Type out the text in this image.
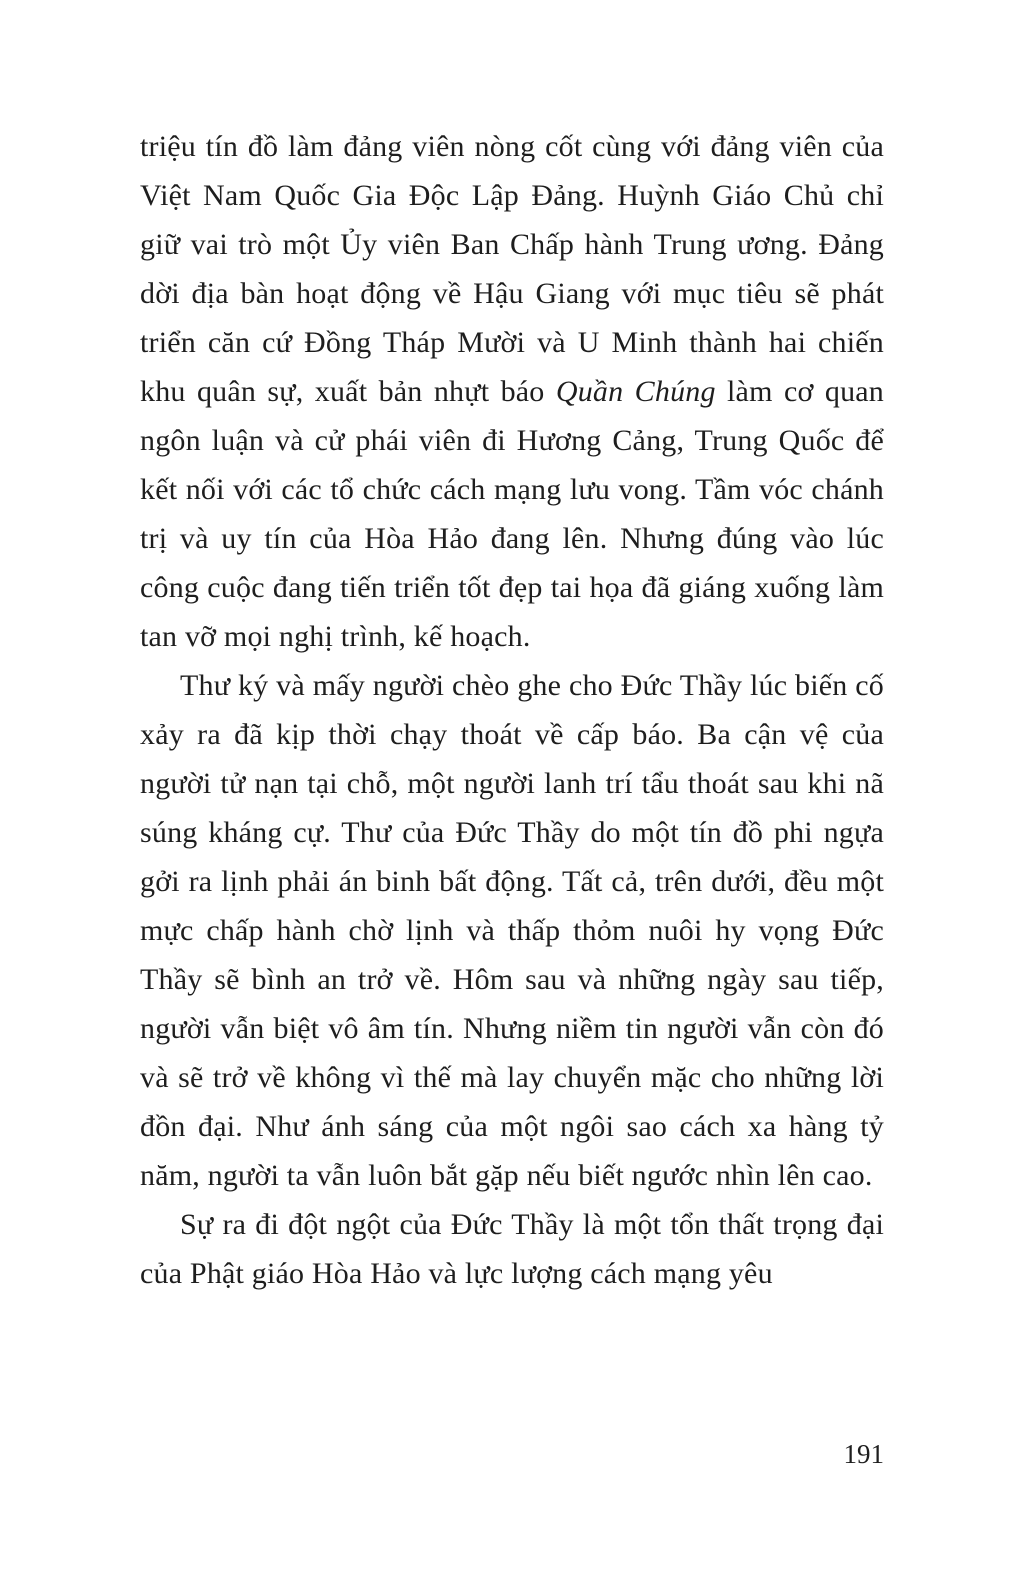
triệu tín đồ làm đảng viên nòng cốt cùng với đảng viên của Việt Nam Quốc Gia Độc Lập Đảng. Huỳnh Giáo Chủ chỉ giữ vai trò một Ủy viên Ban Chấp hành Trung ương. Đảng dời địa bàn hoạt động về Hậu Giang với mục tiêu sẽ phát triển căn cứ Đồng Tháp Mười và U Minh thành hai chiến khu quân sự, xuất bản nhựt báo Quần Chúng làm cơ quan ngôn luận và cử phái viên đi Hương Cảng, Trung Quốc để kết nối với các tổ chức cách mạng lưu vong. Tầm vóc chánh trị và uy tín của Hòa Hảo đang lên. Nhưng đúng vào lúc công cuộc đang tiến triển tốt đẹp tai họa đã giáng xuống làm tan vỡ mọi nghị trình, kế hoạch.

Thư ký và mấy người chèo ghe cho Đức Thầy lúc biến cố xảy ra đã kịp thời chạy thoát về cấp báo. Ba cận vệ của người tử nạn tại chỗ, một người lanh trí tẩu thoát sau khi nã súng kháng cự. Thư của Đức Thầy do một tín đồ phi ngựa gởi ra lịnh phải án binh bất động. Tất cả, trên dưới, đều một mực chấp hành chờ lịnh và thấp thỏm nuôi hy vọng Đức Thầy sẽ bình an trở về. Hôm sau và những ngày sau tiếp, người vẫn biệt vô âm tín. Nhưng niềm tin người vẫn còn đó và sẽ trở về không vì thế mà lay chuyển mặc cho những lời đồn đại. Như ánh sáng của một ngôi sao cách xa hàng tỷ năm, người ta vẫn luôn bắt gặp nếu biết ngước nhìn lên cao.

Sự ra đi đột ngột của Đức Thầy là một tổn thất trọng đại của Phật giáo Hòa Hảo và lực lượng cách mạng yêu

191
